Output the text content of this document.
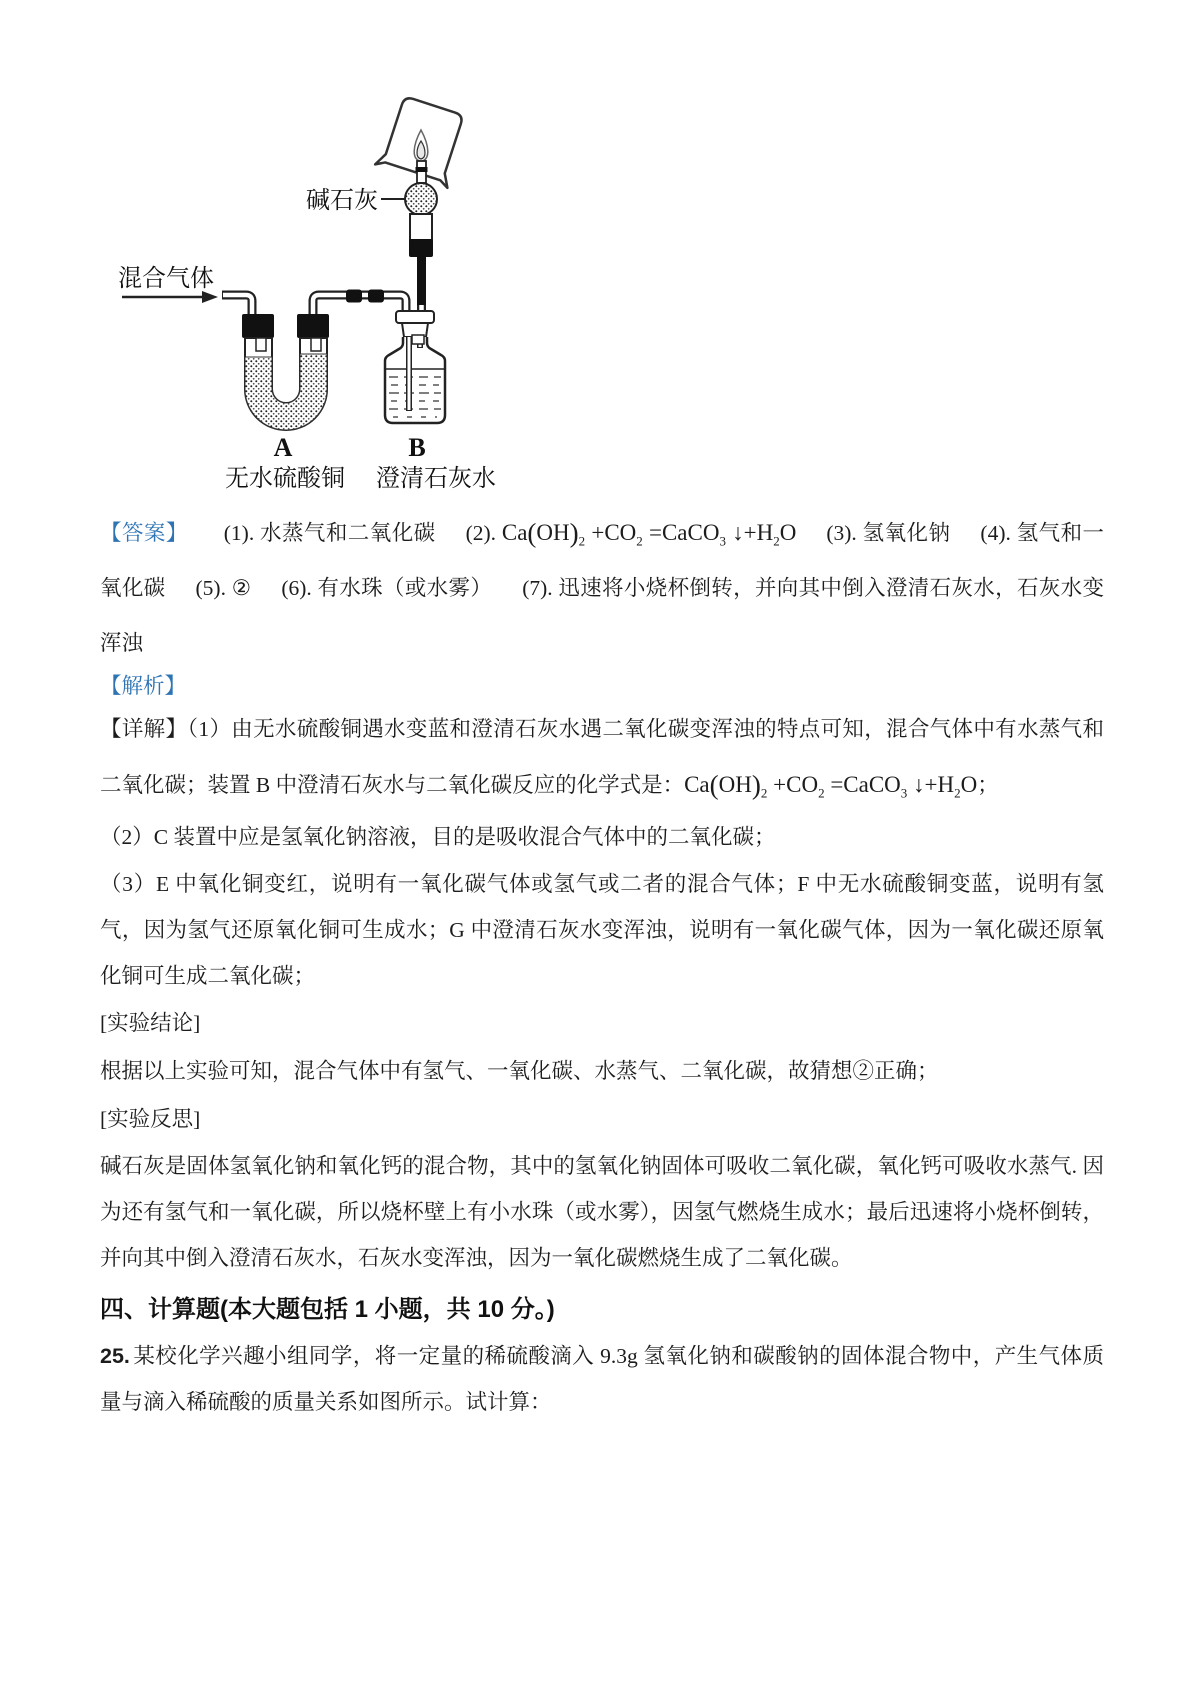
碱石灰
混合气体
A	B
无水硫酸铜 澄清石灰水

【答案】 (1). 水蒸气和二氧化碳 (2). $Ca(OH)_2 +CO_2$ =CaCO$_3$ $↓+H_2O$ (3). 氢氧化钠 (4). 氢气和一氧化碳 (5). ② (6). 有水珠（或水雾） (7). 迅速将小烧杯倒转，并向其中倒入澄清石灰水，石灰水变浑浊

【解析】

【详解】（1）由无水硫酸铜遇水变蓝和澄清石灰水遇二氧化碳变浑浊的特点可知，混合气体中有水蒸气和二氧化碳；装置 B 中澄清石灰水与二氧化碳反应的化学式是：$Ca(OH)_2 +CO_2$ =CaCO$_3$ $↓+H_2O$；

（2）C 装置中应是氢氧化钠溶液，目的是吸收混合气体中的二氧化碳；

（3）E 中氧化铜变红，说明有一氧化碳气体或氢气或二者的混合气体；F 中无水硫酸铜变蓝，说明有氢气，因为氢气还原氧化铜可生成水；G 中澄清石灰水变浑浊，说明有一氧化碳气体，因为一氧化碳还原氧化铜可生成二氧化碳；

[实验结论]

根据以上实验可知，混合气体中有氢气、一氧化碳、水蒸气、二氧化碳，故猜想②正确；

[实验反思]

碱石灰是固体氢氧化钠和氧化钙的混合物，其中的氢氧化钠固体可吸收二氧化碳，氧化钙可吸收水蒸气. 因为还有氢气和一氧化碳，所以烧杯壁上有小水珠（或水雾），因氢气燃烧生成水；最后迅速将小烧杯倒转，并向其中倒入澄清石灰水，石灰水变浑浊，因为一氧化碳燃烧生成了二氧化碳。

四、计算题(本大题包括 1 小题，共 10 分。)

25. 某校化学兴趣小组同学，将一定量的稀硫酸滴入 9.3g 氢氧化钠和碳酸钠的固体混合物中，产生气体质量与滴入稀硫酸的质量关系如图所示。试计算：
